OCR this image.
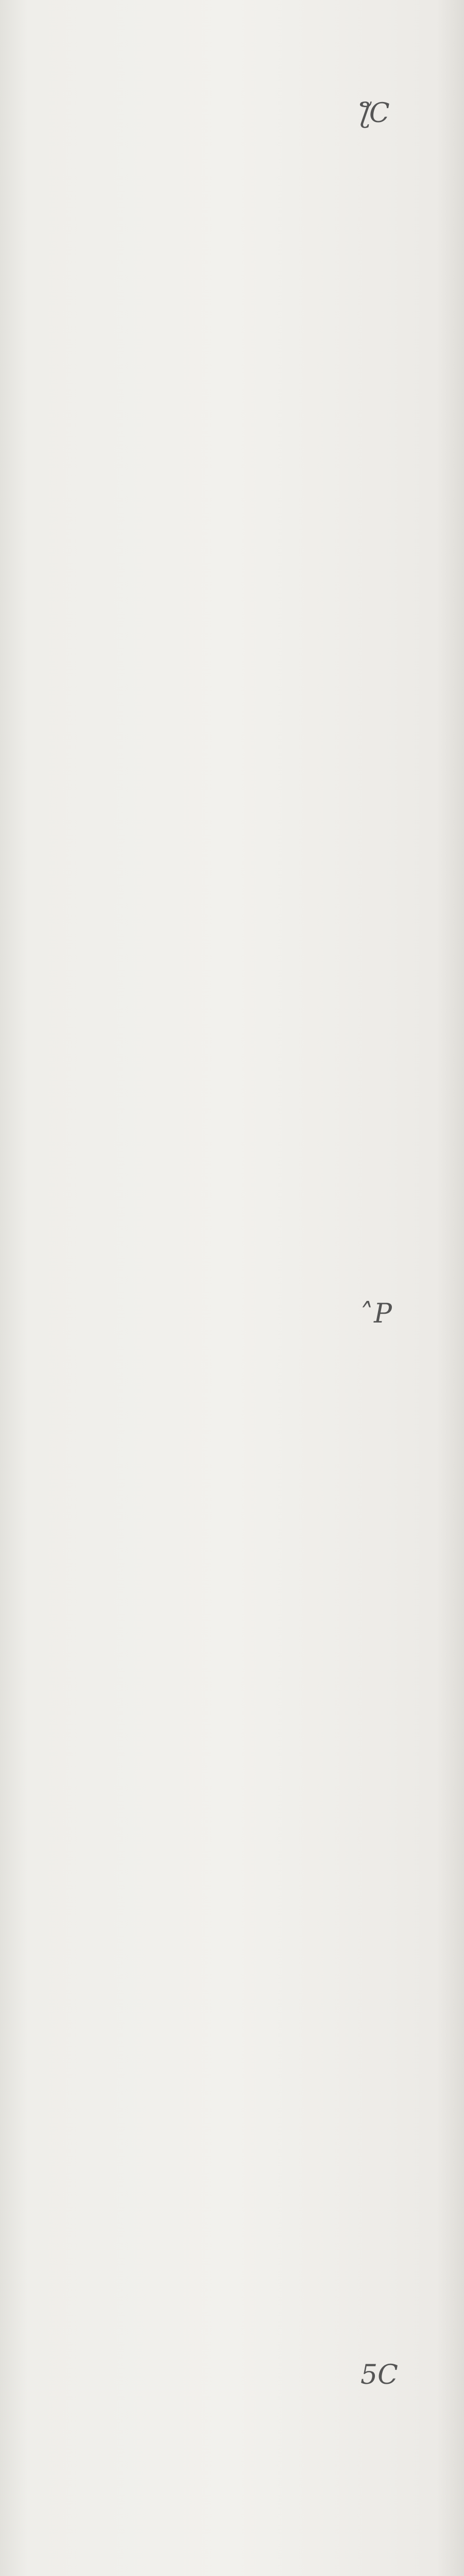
ƪC
˄P
5C
